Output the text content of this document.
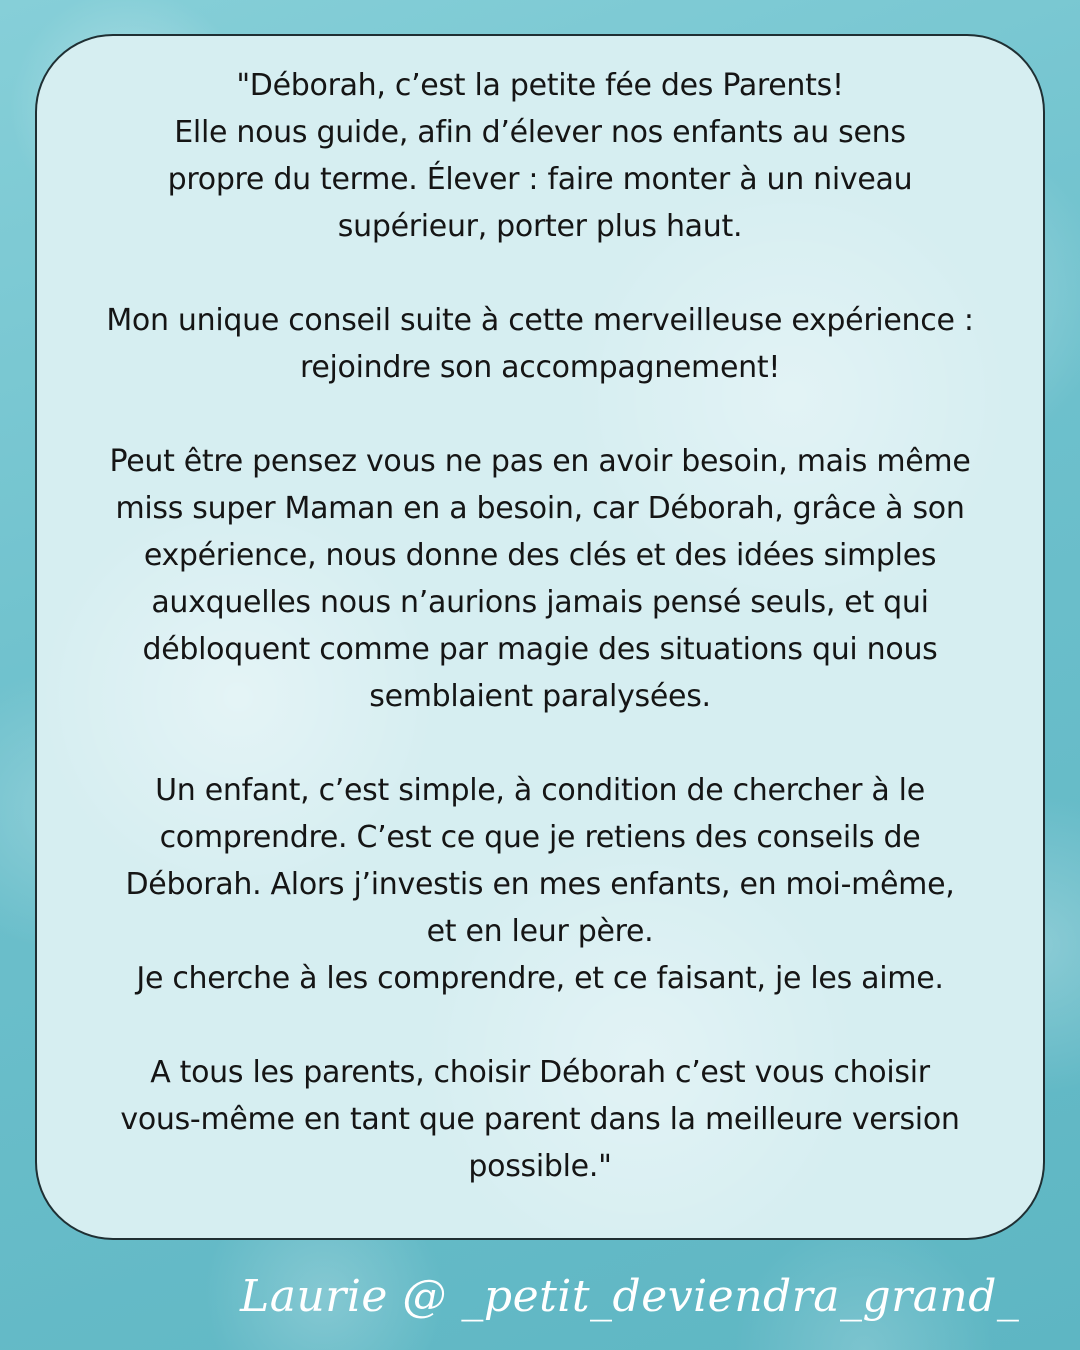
"Déborah, c’est la petite fée des Parents!
Elle nous guide, afin d’élever nos enfants au sens
propre du terme. Élever : faire monter à un niveau
supérieur, porter plus haut.

Mon unique conseil suite à cette merveilleuse expérience :
rejoindre son accompagnement!

Peut être pensez vous ne pas en avoir besoin, mais même
miss super Maman en a besoin, car Déborah, grâce à son
expérience, nous donne des clés et des idées simples
auxquelles nous n’aurions jamais pensé seuls, et qui
débloquent comme par magie des situations qui nous
semblaient paralysées.

Un enfant, c’est simple, à condition de chercher à le
comprendre. C’est ce que je retiens des conseils de
Déborah. Alors j’investis en mes enfants, en moi-même,
et en leur père.
Je cherche à les comprendre, et ce faisant, je les aime.

A tous les parents, choisir Déborah c’est vous choisir
vous-même en tant que parent dans la meilleure version
possible."

Laurie @ _petit_deviendra_grand_
